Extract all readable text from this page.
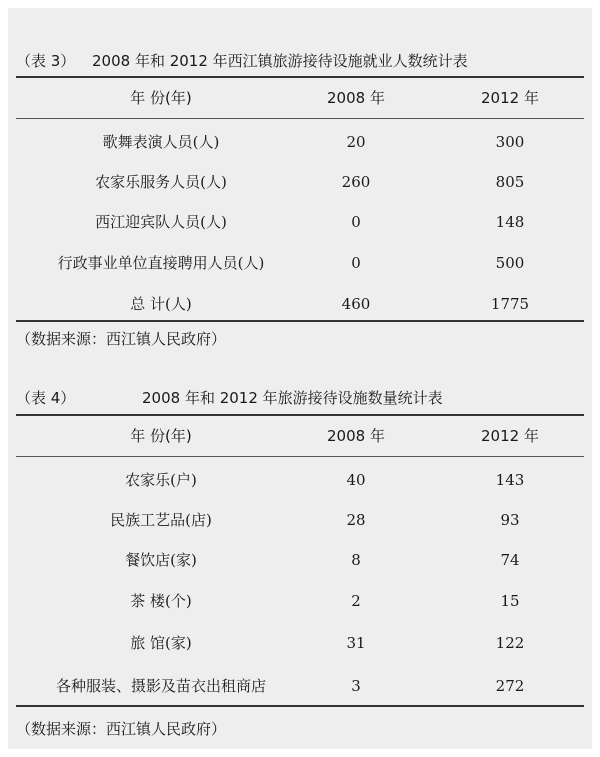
（表 3） 2008 年和 2012 年西江镇旅游接待设施就业人数统计表
年 份(年)	2008 年	2012 年
歌舞表演人员(人)	20	300
农家乐服务人员(人)	260	805
西江迎宾队人员(人)	0	148
行政事业单位直接聘用人员(人)	0	500
总 计(人)	460	1775
（数据来源：西江镇人民政府）
（表 4）	2008 年和 2012 年旅游接待设施数量统计表
年 份(年)	2008 年	2012 年
农家乐(户)	40	143
民族工艺品(店)	28	93
餐饮店(家)	8	74
茶 楼(个)	2	15
旅 馆(家)	31	122
各种服装、摄影及苗衣出租商店	3	272
（数据来源：西江镇人民政府）
